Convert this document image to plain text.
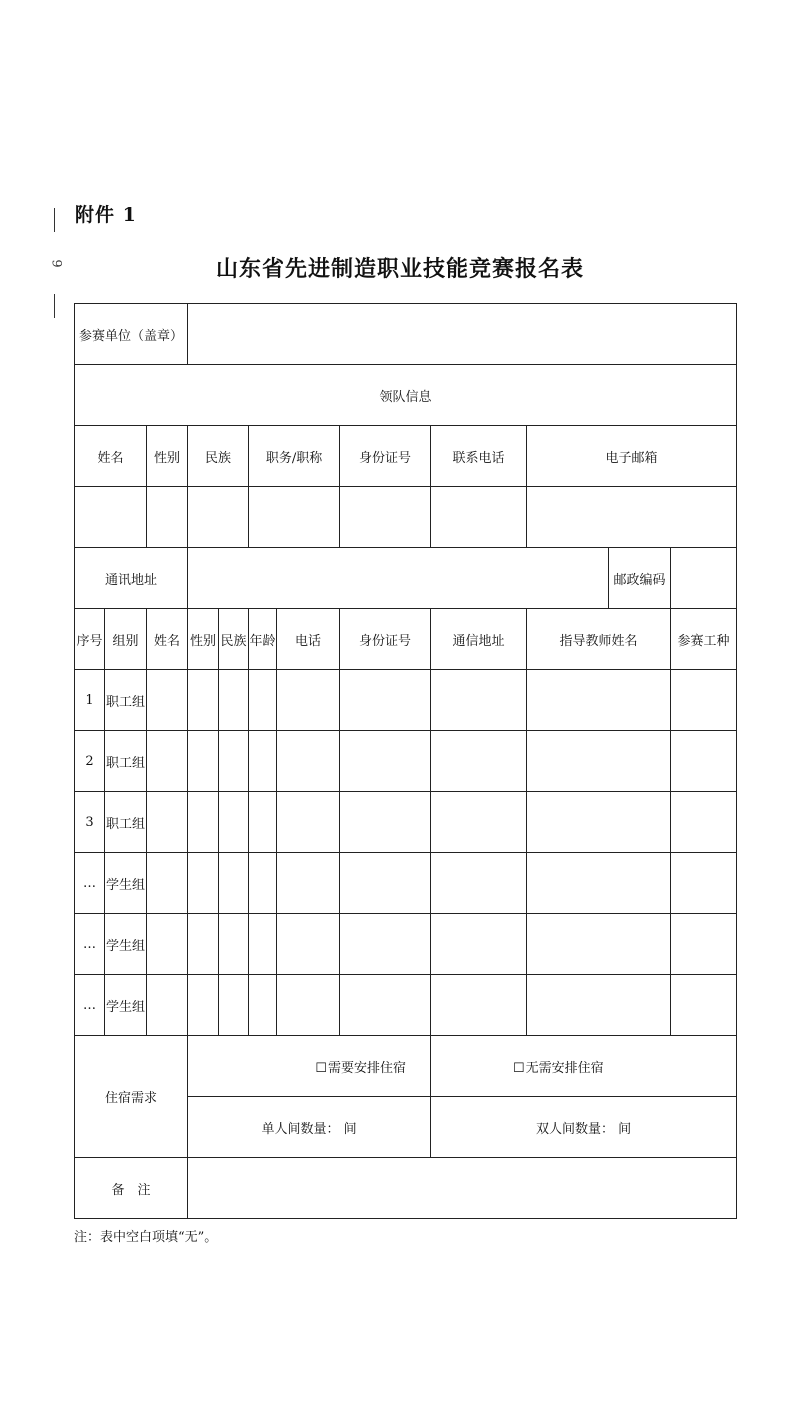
9
附件 1
山东省先进制造职业技能竞赛报名表
参赛单位（盖章）											
领队信息											
姓名		性别	民族		职务/职称		身份证号	联系电话	电子邮箱		

通讯地址										邮政编码	
序号	组别	姓名	性别	民族	年龄	电话	身份证号	通信地址	指导教师姓名		参赛工种
1	职工组										
2	职工组										
3	职工组										
…	学生组										
…	学生组										
…	学生组										
住宿需求			☐需要安排住宿					☐无需安排住宿			
			单人间数量： 间					双人间数量： 间			
备　注											
注：表中空白项填“无”。
